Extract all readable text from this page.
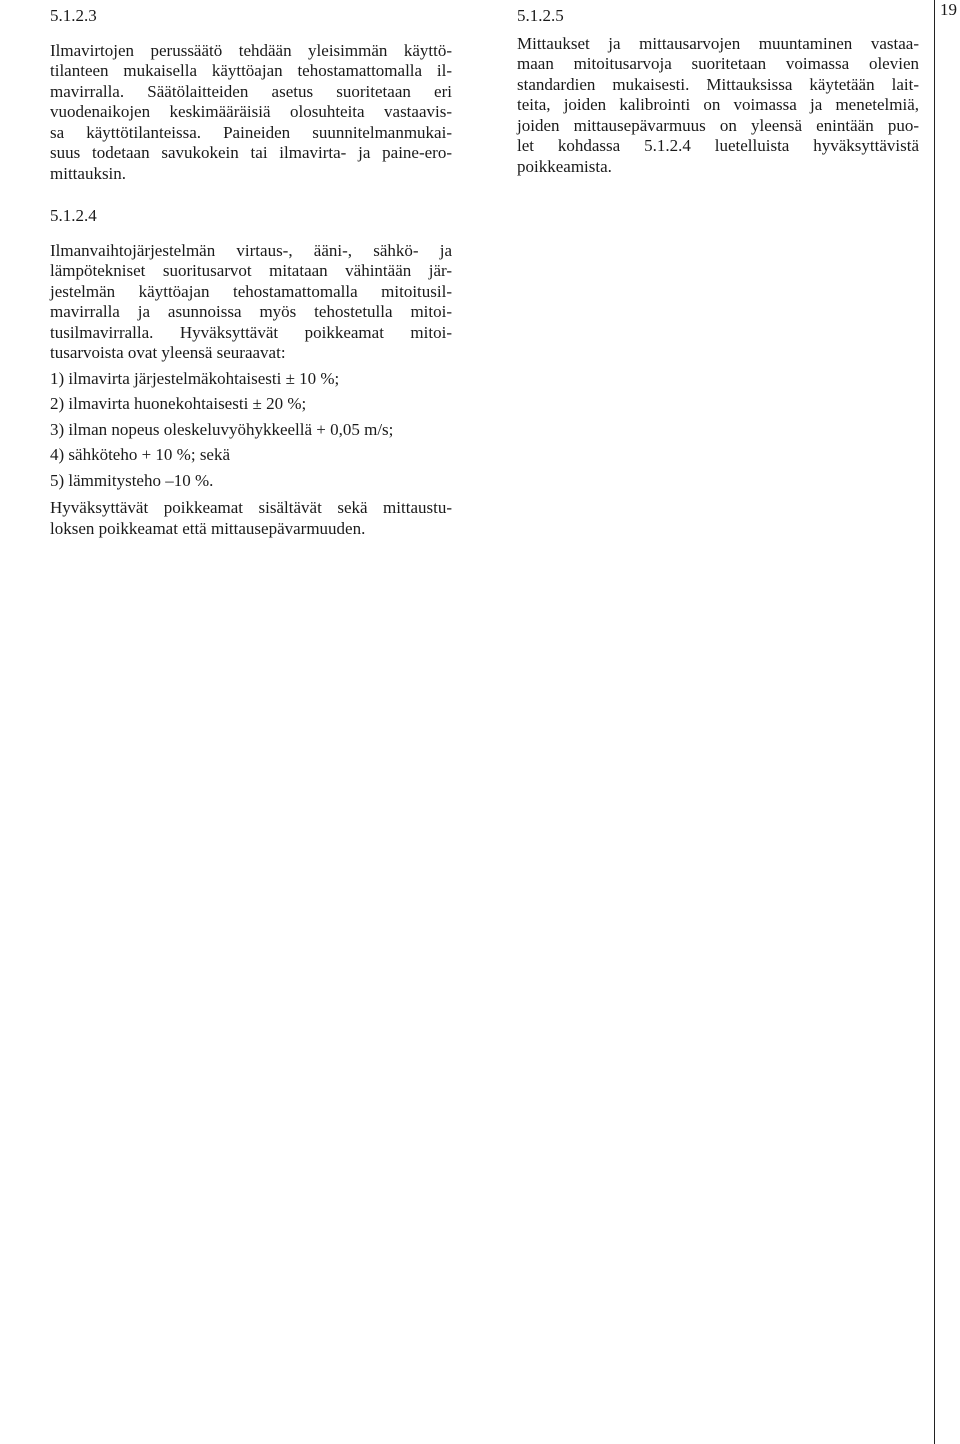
19
5.1.2.3
Ilmavirtojen perussäätö tehdään yleisimmän käyttö-
tilanteen mukaisella käyttöajan tehostamattomalla il-
mavirralla. Säätölaitteiden asetus suoritetaan eri
vuodenaikojen keskimääräisiä olosuhteita vastaavis-
sa käyttötilanteissa. Paineiden suunnitelmanmukai-
suus todetaan savukokein tai ilmavirta- ja paine-ero-
mittauksin.
5.1.2.4
Ilmanvaihtojärjestelmän virtaus-, ääni-, sähkö- ja
lämpötekniset suoritusarvot mitataan vähintään jär-
jestelmän käyttöajan tehostamattomalla mitoitusil-
mavirralla ja asunnoissa myös tehostetulla mitoi-
tusilmavirralla. Hyväksyttävät poikkeamat mitoi-
tusarvoista ovat yleensä seuraavat:
1) ilmavirta järjestelmäkohtaisesti ± 10 %;
2) ilmavirta huonekohtaisesti ± 20 %;
3) ilman nopeus oleskeluvyöhykkeellä + 0,05 m/s;
4) sähköteho + 10 %; sekä
5) lämmitysteho –10 %.
Hyväksyttävät poikkeamat sisältävät sekä mittaustu-
loksen poikkeamat että mittausepävarmuuden.
5.1.2.5
Mittaukset ja mittausarvojen muuntaminen vastaa-
maan mitoitusarvoja suoritetaan voimassa olevien
standardien mukaisesti. Mittauksissa käytetään lait-
teita, joiden kalibrointi on voimassa ja menetelmiä,
joiden mittausepävarmuus on yleensä enintään puo-
let kohdassa 5.1.2.4 luetelluista hyväksyttävistä
poikkeamista.
